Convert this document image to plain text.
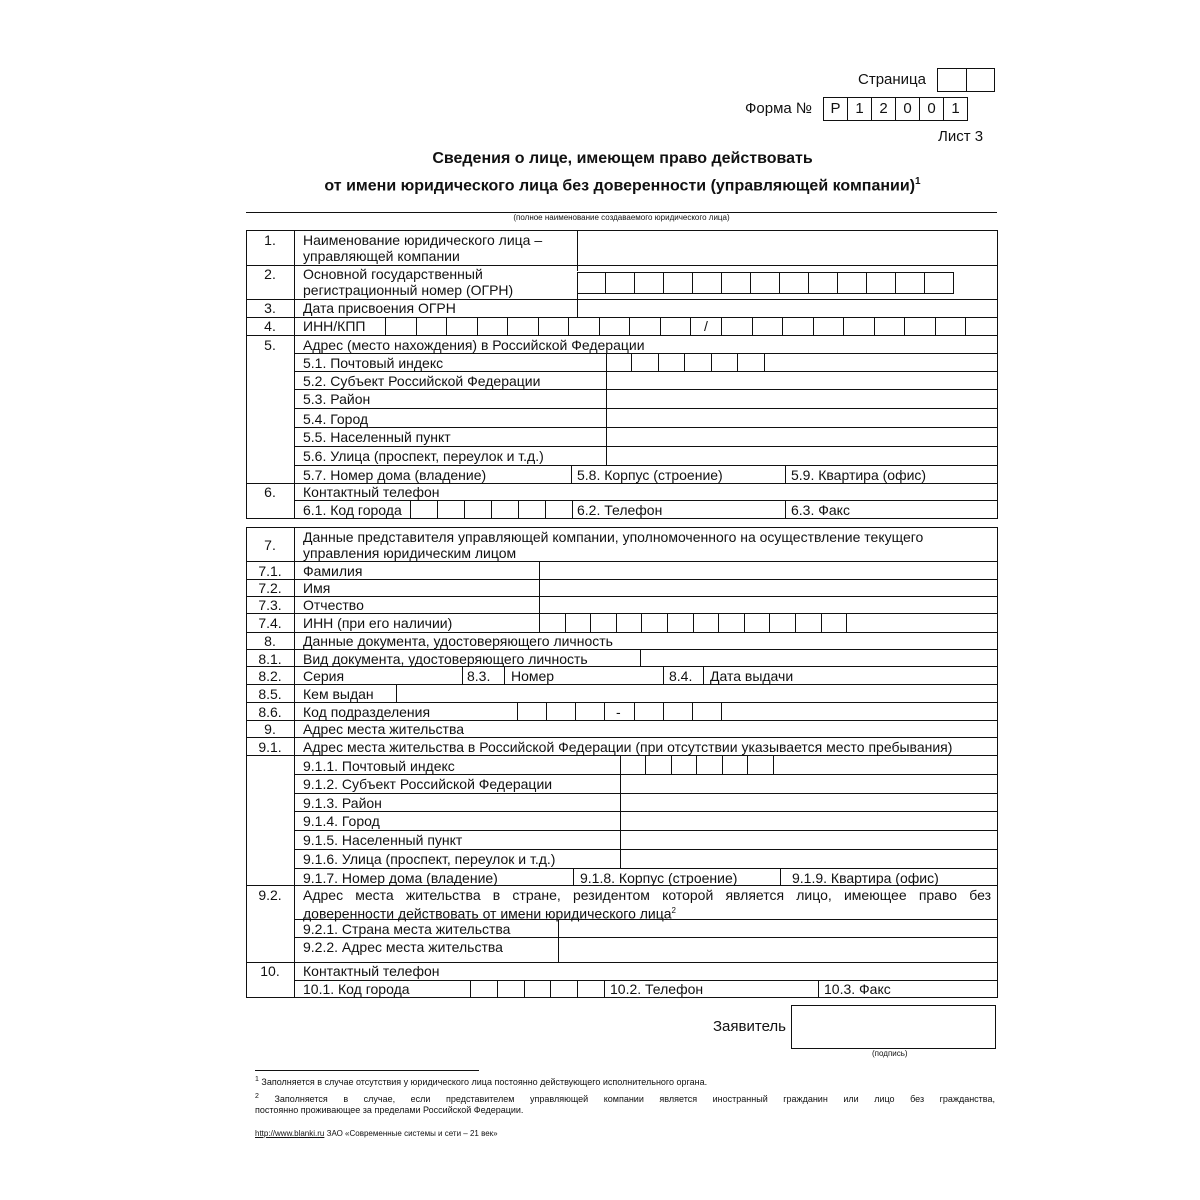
Страница
Форма №	Р 1	2	0	0	1
Лист 3
Сведения о лице, имеющем право действовать
от имени юридического лица без доверенности (управляющей компании)$^1$
(полное наименование создаваемого юридического лица)
1.	Наименование юридического лица –
управляющей компании
2.	Основной государственный
регистрационный номер (ОГРН)
3.	Дата присвоения ОГРН
4.	ИНН/КПП	/
5.	Адрес (место нахождения) в Российской Федерации
5.1. Почтовый индекс
5.2. Субъект Российской Федерации
5.3. Район
5.4. Город
5.5. Населенный пункт
5.6. Улица (проспект, переулок и т.д.)
5.7. Номер дома (владение)	5.8. Корпус (строение)	5.9. Квартира (офис)
6.	Контактный телефон
6.1. Код города	6.2. Телефон	6.3. Факс
7.	Данные представителя управляющей компании, уполномоченного на осуществление текущего
управления юридическим лицом
7.1.	Фамилия
7.2.	Имя
7.3.	Отчество
7.4.	ИНН (при его наличии)
8.	Данные документа, удостоверяющего личность
8.1.	Вид документа, удостоверяющего личность
8.2.	Серия	8.3. Номер	8.4. Дата выдачи
8.5.	Кем выдан
8.6.	Код подразделения	-
9.	Адрес места жительства
9.1.	Адрес места жительства в Российской Федерации (при отсутствии указывается место пребывания)
9.1.1. Почтовый индекс
9.1.2. Субъект Российской Федерации
9.1.3. Район
9.1.4. Город
9.1.5. Населенный пункт
9.1.6. Улица (проспект, переулок и т.д.)
9.1.7. Номер дома (владение)	9.1.8. Корпус (строение)	9.1.9. Квартира (офис)
9.2.	Адрес места жительства в стране, резидентом которой является лицо, имеющее право без
доверенности действовать от имени юридического лица$^2$
9.2.1. Страна места жительства
9.2.2. Адрес места жительства
10.	Контактный телефон
10.1. Код города	10.2. Телефон	10.3. Факс
Заявитель
(подпись)
$^1$ Заполняется в случае отсутствия у юридического лица постоянно действующего исполнительного органа.
$^2$ Заполняется в случае, если представителем управляющей компании является иностранный гражданин или лицо без гражданства,
постоянно проживающее за пределами Российской Федерации.
http://www.blanki.ru ЗАО «Современные системы и сети – 21 век»
